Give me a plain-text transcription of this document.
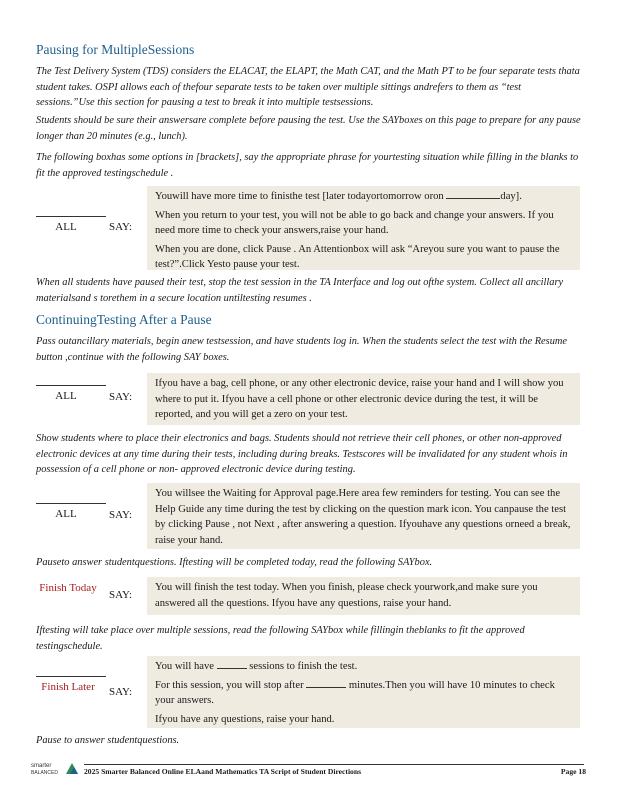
Pausing for MultipleSessions

The Test Delivery System (TDS) considers the ELACAT, the ELAPT, the Math CAT, and the Math PT to be four separate tests thata student takes. OSPI allows each of thefour separate tests to be taken over multiple sittings andrefers to them as “test sessions.”Use this section for pausing a test to break it into multiple testsessions.

Students should be sure their answersare complete before pausing the test. Use the SAYboxes on this page to prepare for any pause longer than 20 minutes (e.g., lunch).

The following boxhas some options in [brackets], say the appropriate phrase for yourtesting situation while filling in the blanks to fit the approved testingschedule .

ALL	SAY:

Youwill have more time to finisthe test [later todayortomorrow oron	day].

When you return to your test, you will not be able to go back and change your answers. If you need more time to check your answers,raise your hand.

When you are done, click Pause . An Attentionbox will ask “Areyou sure you want to pause the test?”.Click Yesto pause your test.

When all students have paused their test, stop the test session in the TA Interface and log out ofthe system. Collect all ancillary materialsand s torethem in a secure location untiltesting resumes .

ContinuingTesting After a Pause

Pass outancillary materials, begin anew testsession, and have students log in. When the students select the test with the Resume button ,continue with the following SAY boxes.

ALL	SAY:
Ifyou have a bag, cell phone, or any other electronic device, raise your hand and I will show you where to put it. Ifyou have a cell phone or other electronic device during the test, it will be reported, and you will get a zero on your test.

Show students where to place their electronics and bags. Students should not retrieve their cell phones, or other non-approved electronic devices at any time during their tests, including during breaks. Testscores will be invalidated for any student whois in possession of a cell phone or non- approved electronic device during testing.

ALL	SAY:
You willsee the Waiting for Approval page.Here area few reminders for testing. You can see the Help Guide any time during the test by clicking on the question mark icon. You canpause the test by clicking Pause , not Next , after answering a question. Ifyouhave any questions orneed a break, raise your hand.

Pauseto answer studentquestions. Iftesting will be completed today, read the following SAYbox.

Finish Today
SAY:
You will finish the test today. When you finish, please check yourwork,and make sure you answered all the questions. Ifyou have any questions, raise your hand.

Iftesting will take place over multiple sessions, read the following SAYbox while fillingin theblanks to fit the approved testingschedule.

Finish Later	SAY:

You will have	sessions to finish the test.

For this session, you will stop after	minutes.Then you will have 10 minutes to check your answers.

Ifyou have any questions, raise your hand.

Pause to answer studentquestions.

smarter
BALANCED	2025 Smarter Balanced Online ELAand Mathematics TA Script of Student Directions	Page 18
